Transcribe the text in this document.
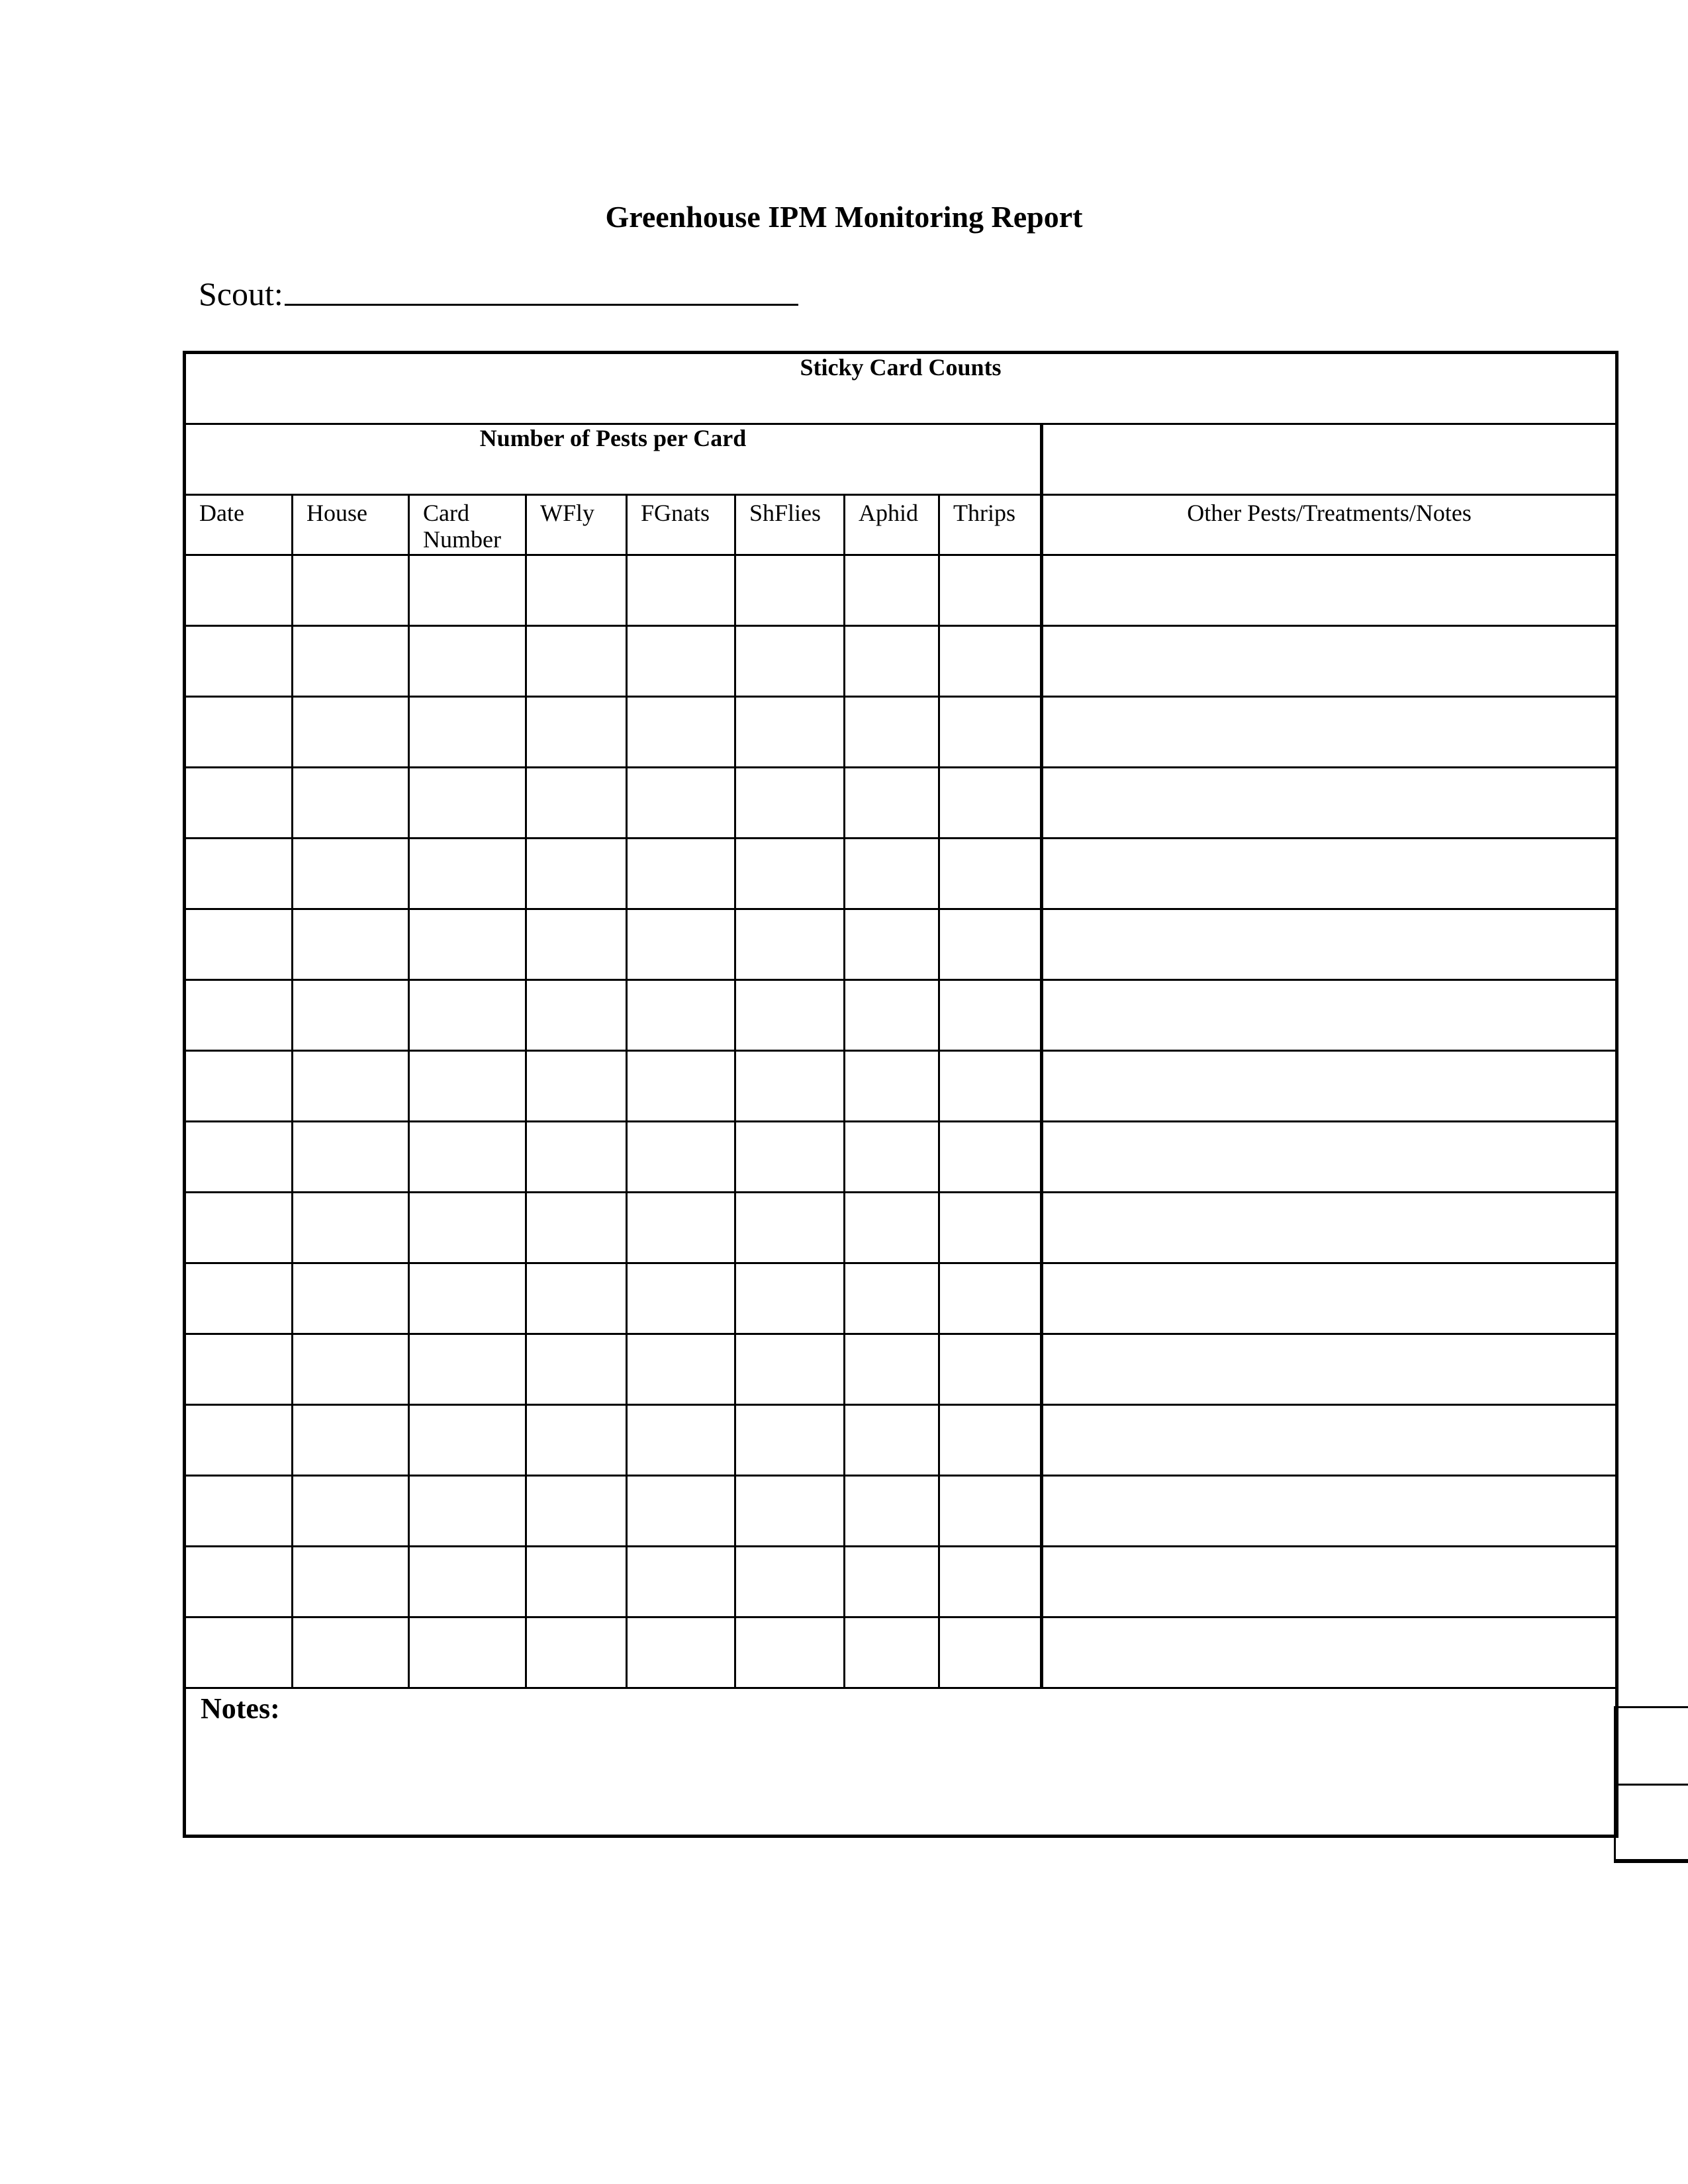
Greenhouse IPM Monitoring Report
Scout:
Sticky Card Counts								
Number of Pests per Card								

Date	House	Card Number	WFly	FGnats	ShFlies	Aphid	Thrips	Other Pests/Treatments/Notes

Notes:								
